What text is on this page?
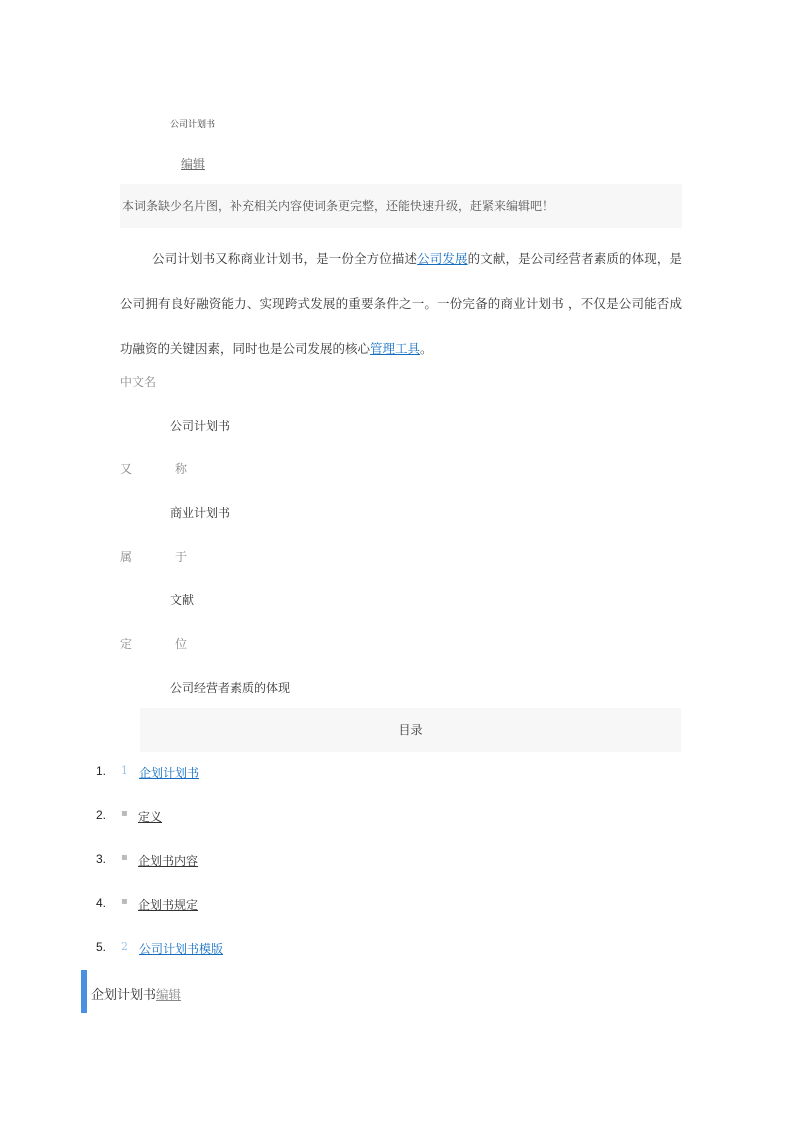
公司计划书
编辑
本词条缺少名片图，补充相关内容使词条更完整，还能快速升级，赶紧来编辑吧！
公司计划书又称商业计划书，是一份全方位描述公司发展的文献，是公司经营者素质的体现，是公司拥有良好融资能力、实现跨式发展的重要条件之一。一份完备的商业计划书 ，不仅是公司能否成功融资的关键因素，同时也是公司发展的核心管理工具。
中文名
公司计划书
又	称
商业计划书
属	于
文献
定	位
公司经营者素质的体现
目录
1. 1 企划计划书
2. ▪ 定义
3. ▪ 企划书内容
4. ▪ 企划书规定
5. 2 公司计划书模版
企划计划书编辑
